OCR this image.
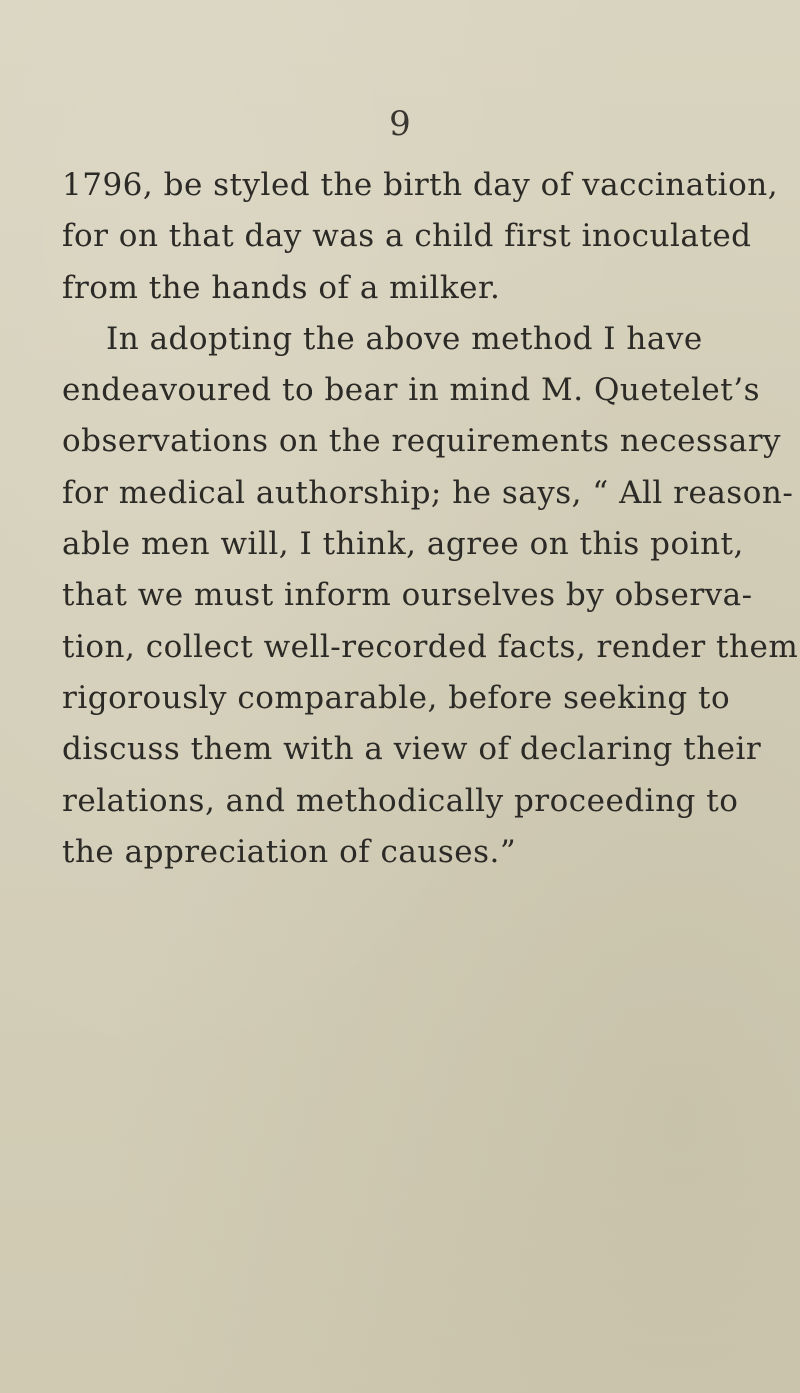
9
1796, be styled the birth day of vaccination,
for on that day was a child first inoculated
from the hands of a milker.
In adopting the above method I have
endeavoured to bear in mind M. Quetelet’s
observations on the requirements necessary
for medical authorship; he says, “ All reason-
able men will, I think, agree on this point,
that we must inform ourselves by observa-
tion, collect well-recorded facts, render them
rigorously comparable, before seeking to
discuss them with a view of declaring their
relations, and methodically proceeding to
the appreciation of causes.”
